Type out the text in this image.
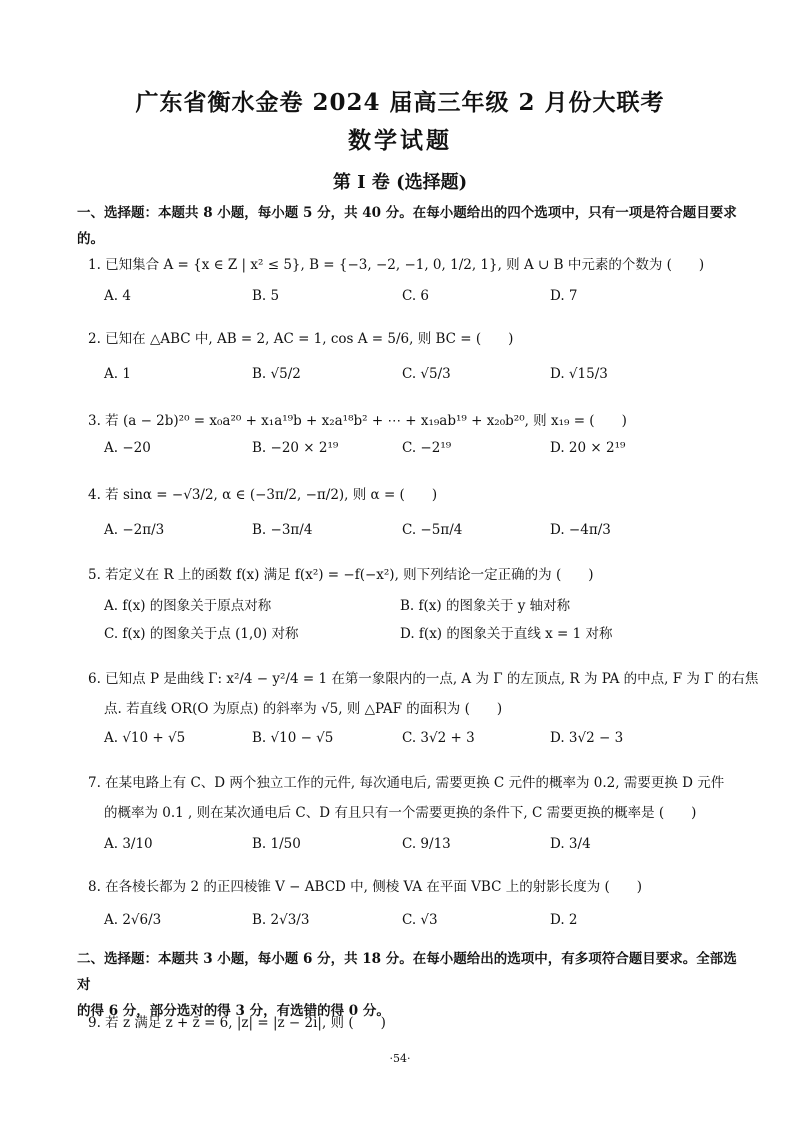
广东省衡水金卷 2024 届高三年级 2 月份大联考
数学试题
第 I 卷 (选择题)
一、选择题：本题共 8 小题，每小题 5 分，共 40 分。在每小题给出的四个选项中，只有一项是符合题目要求
的。
1. 已知集合 A = {x ∈ Z | x² ≤ 5}, B = {−3, −2, −1, 0, 1/2, 1}, 则 A ∪ B 中元素的个数为 (　　)
A. 4	B. 5	C. 6	D. 7
2. 已知在 △ABC 中, AB = 2, AC = 1, cos A = 5/6, 则 BC = (　　)
A. 1	B. √5/2	C. √5/3	D. √15/3
3. 若 (a − 2b)²⁰ = x₀a²⁰ + x₁a¹⁹b + x₂a¹⁸b² + ⋯ + x₁₉ab¹⁹ + x₂₀b²⁰, 则 x₁₉ = (　　)
A. −20	B. −20 × 2¹⁹	C. −2¹⁹	D. 20 × 2¹⁹
4. 若 sinα = −√3/2, α ∈ (−3π/2, −π/2), 则 α = (　　)
A. −2π/3	B. −3π/4	C. −5π/4	D. −4π/3
5. 若定义在 R 上的函数 f(x) 满足 f(x²) = −f(−x²), 则下列结论一定正确的为 (　　)
A. f(x) 的图象关于原点对称	B. f(x) 的图象关于 y 轴对称
C. f(x) 的图象关于点 (1,0) 对称	D. f(x) 的图象关于直线 x = 1 对称
6. 已知点 P 是曲线 Γ: x²/4 − y²/4 = 1 在第一象限内的一点, A 为 Γ 的左顶点, R 为 PA 的中点, F 为 Γ 的右焦
点. 若直线 OR(O 为原点) 的斜率为 √5, 则 △PAF 的面积为 (　　)
A. √10 + √5	B. √10 − √5	C. 3√2 + 3	D. 3√2 − 3
7. 在某电路上有 C、D 两个独立工作的元件, 每次通电后, 需要更换 C 元件的概率为 0.2, 需要更换 D 元件
的概率为 0.1 , 则在某次通电后 C、D 有且只有一个需要更换的条件下, C 需要更换的概率是 (　　)
A. 3/10	B. 1/50	C. 9/13	D. 3/4
8. 在各棱长都为 2 的正四棱锥 V − ABCD 中, 侧棱 VA 在平面 VBC 上的射影长度为 (　　)
A. 2√6/3	B. 2√3/3	C. √3	D. 2
二、选择题：本题共 3 小题，每小题 6 分，共 18 分。在每小题给出的选项中，有多项符合题目要求。全部选对
的得 6 分，部分选对的得 3 分，有选错的得 0 分。
9. 若 z 满足 z + z̄ = 6, |z| = |z − 2i|, 则 (　　)
·54·
